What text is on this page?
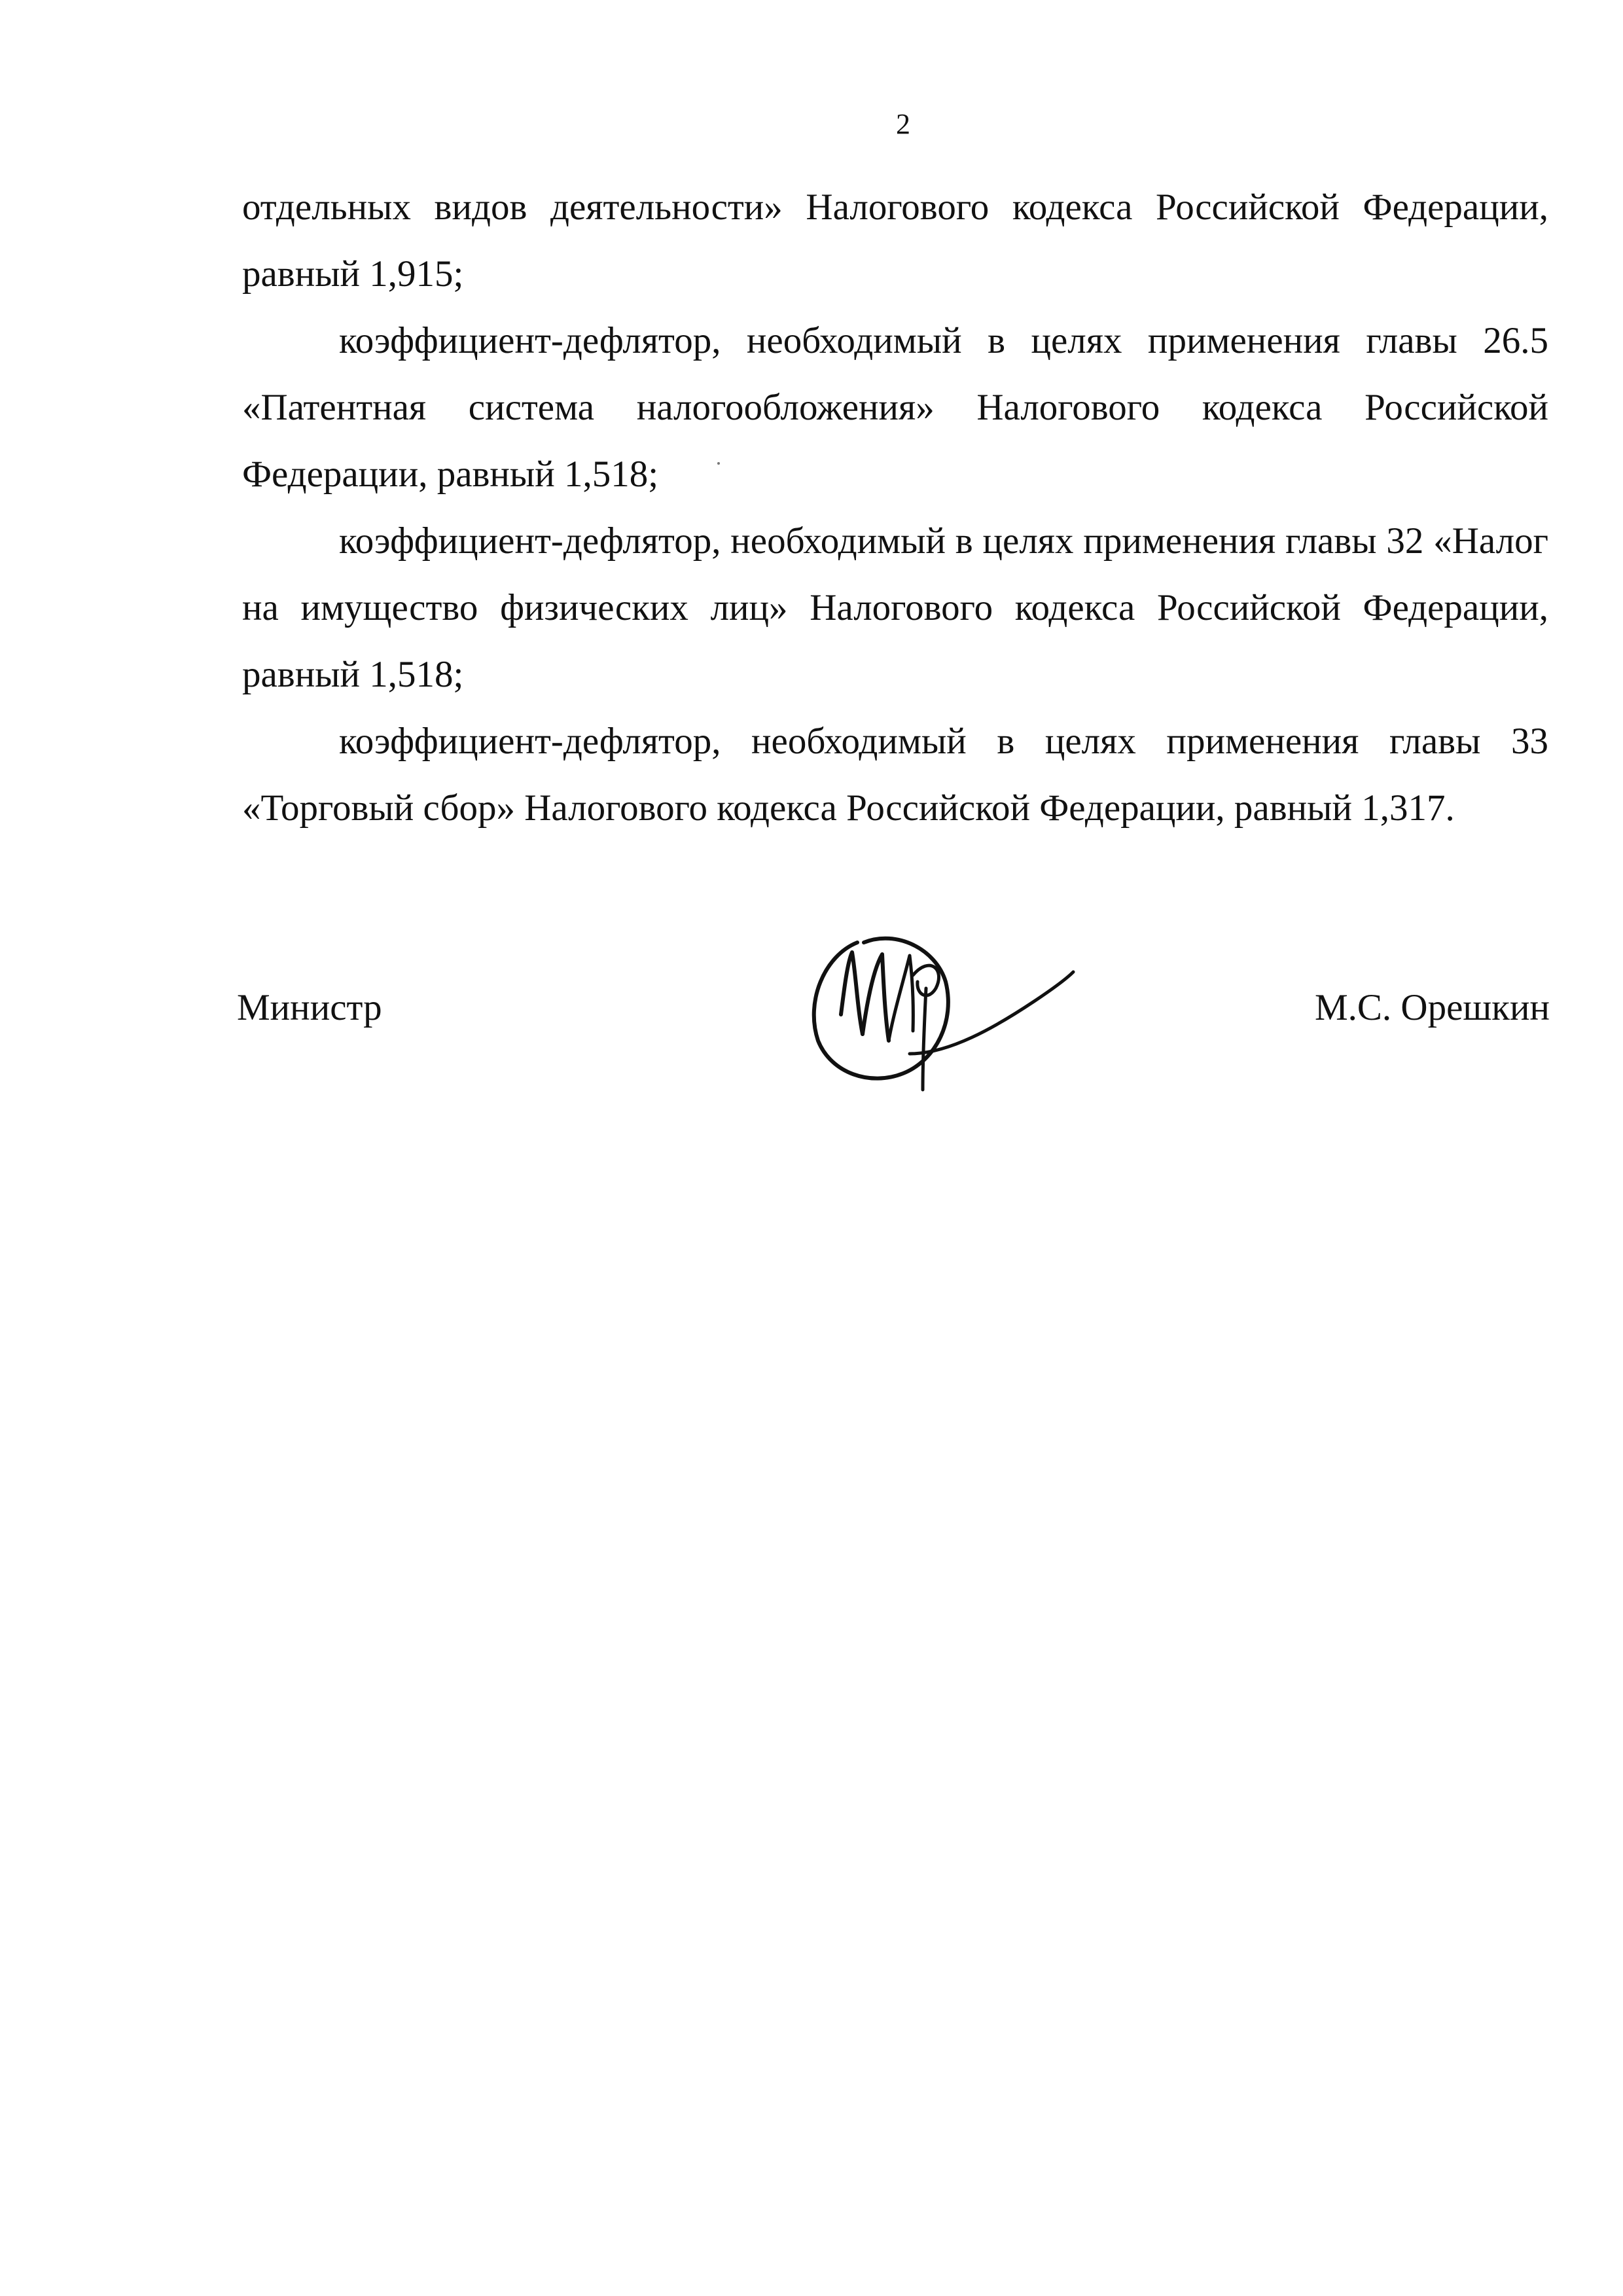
2

отдельных видов деятельности» Налогового кодекса Российской Федерации, равный 1,915;

коэффициент-дефлятор, необходимый в целях применения главы 26.5 «Патентная система налогообложения» Налогового кодекса Российской Федерации, равный 1,518;

коэффициент-дефлятор, необходимый в целях применения главы 32 «Налог на имущество физических лиц» Налогового кодекса Российской Федерации, равный 1,518;

коэффициент-дефлятор, необходимый в целях применения главы 33 «Торговый сбор» Налогового кодекса Российской Федерации, равный 1,317.

Министр	М.С. Орешкин
